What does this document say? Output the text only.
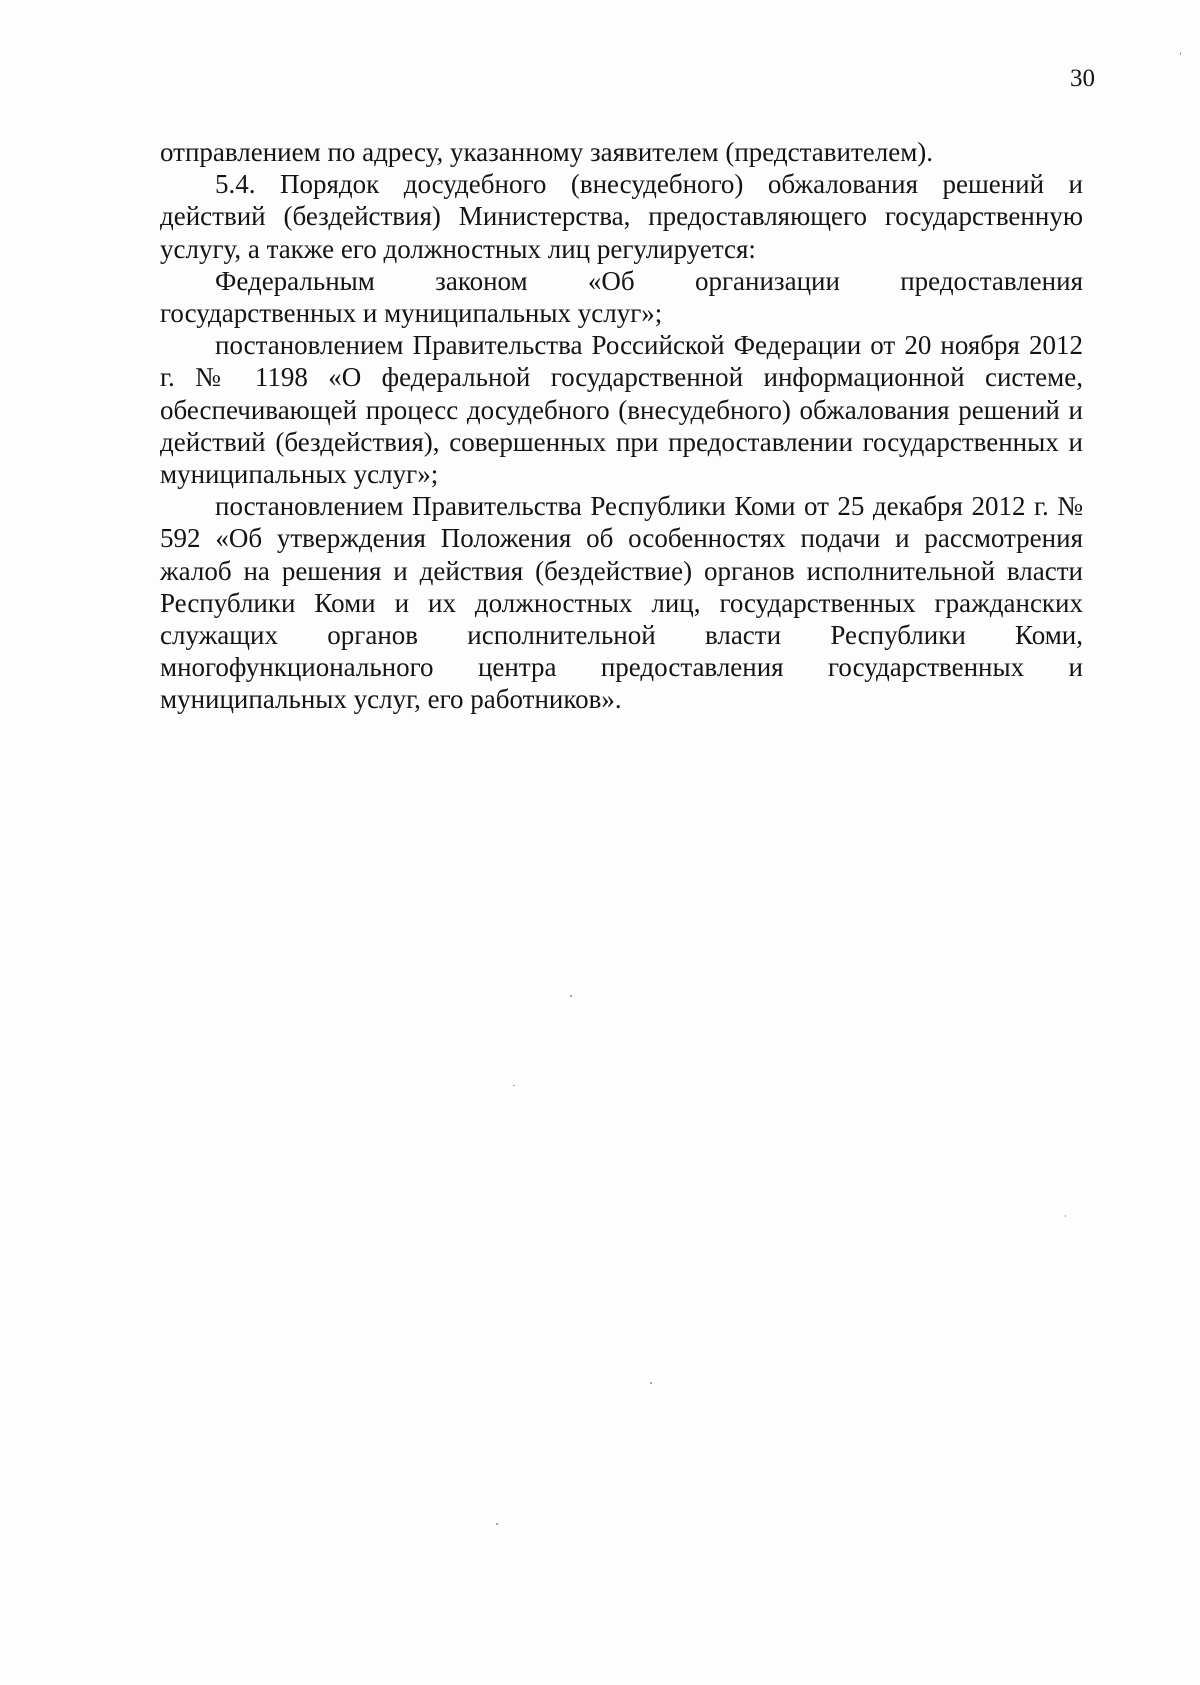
30

отправлением по адресу, указанному заявителем (представителем).

5.4. Порядок досудебного (внесудебного) обжалования решений и действий (бездействия) Министерства, предоставляющего государственную услугу, а также его должностных лиц регулируется:

Федеральным законом «Об организации предоставления

государственных и муниципальных услуг»;

постановлением Правительства Российской Федерации от 20 ноября 2012 г. № 1198 «О федеральной государственной информационной системе, обеспечивающей процесс досудебного (внесудебного) обжалования решений и действий (бездействия), совершенных при предоставлении государственных и муниципальных услуг»;

постановлением Правительства Республики Коми от 25 декабря 2012 г. № 592 «Об утверждения Положения об особенностях подачи и рассмотрения жалоб на решения и действия (бездействие) органов исполнительной власти Республики Коми и их должностных лиц, государственных гражданских служащих органов исполнительной власти Республики Коми, многофункционального центра предоставления государственных и муниципальных услуг, его работников».
